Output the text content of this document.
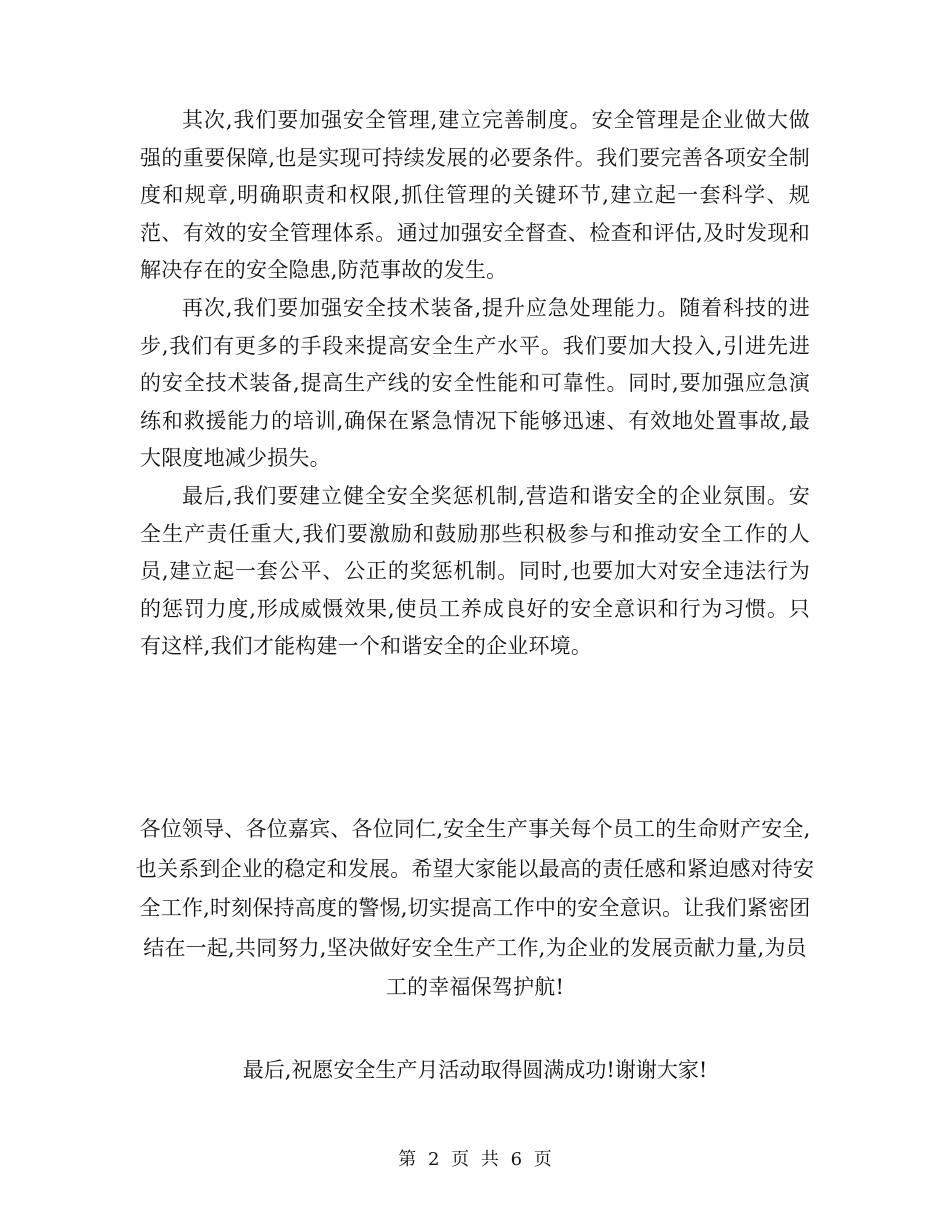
其次,我们要加强安全管理,建立完善制度。安全管理是企业做大做强的重要保障,也是实现可持续发展的必要条件。我们要完善各项安全制度和规章,明确职责和权限,抓住管理的关键环节,建立起一套科学、规范、有效的安全管理体系。通过加强安全督查、检查和评估,及时发现和解决存在的安全隐患,防范事故的发生。

再次,我们要加强安全技术装备,提升应急处理能力。随着科技的进步,我们有更多的手段来提高安全生产水平。我们要加大投入,引进先进的安全技术装备,提高生产线的安全性能和可靠性。同时,要加强应急演练和救援能力的培训,确保在紧急情况下能够迅速、有效地处置事故,最大限度地减少损失。

最后,我们要建立健全安全奖惩机制,营造和谐安全的企业氛围。安全生产责任重大,我们要激励和鼓励那些积极参与和推动安全工作的人员,建立起一套公平、公正的奖惩机制。同时,也要加大对安全违法行为的惩罚力度,形成威慑效果,使员工养成良好的安全意识和行为习惯。只有这样,我们才能构建一个和谐安全的企业环境。

各位领导、各位嘉宾、各位同仁,安全生产事关每个员工的生命财产安全,也关系到企业的稳定和发展。希望大家能以最高的责任感和紧迫感对待安全工作,时刻保持高度的警惕,切实提高工作中的安全意识。让我们紧密团结在一起,共同努力,坚决做好安全生产工作,为企业的发展贡献力量,为员工的幸福保驾护航!

最后,祝愿安全生产月活动取得圆满成功!谢谢大家!

第 2 页 共 6 页
